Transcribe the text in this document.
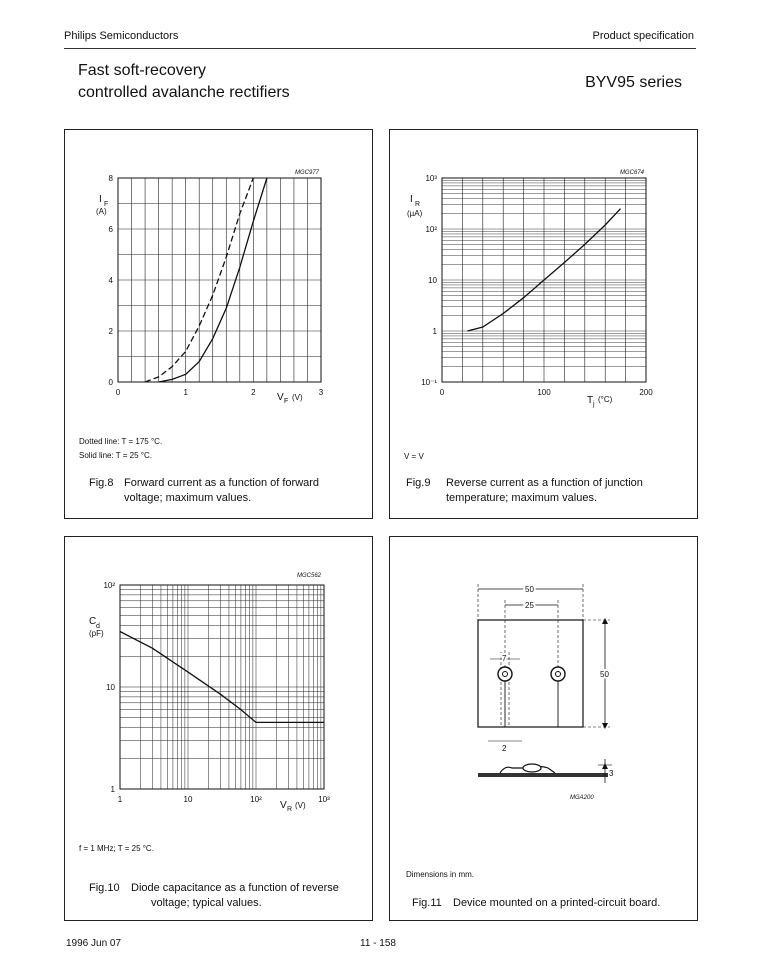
Philips Semiconductors	Product specification
Fast soft-recovery
controlled avalanche rectifiers
BYV95 series
0	1	2	3
0
2
4
6
8
MGC977
I F
(A)
V F (V)
Dotted line: T = 175 °C.
Solid line: T = 25 °C.
Fig.8 Forward current as a function of forward
voltage; maximum values.
0	100	200
10⁻¹
1
10
10²
10³
MGC674
I R
(µA)
T j
(°C)
V = V
Fig.9 Reverse current as a function of junction
temperature; maximum values.
1	10	10²	10³
1
10
10²
MGC562
C d
(pF)
V R (V)
f = 1 MHz; T = 25 °C.
Fig.10 Diode capacitance as a function of reverse
voltage; typical values.
50
25
7
50
2
3
MGA200
Dimensions in mm.
Fig.11 Device mounted on a printed-circuit board.
1996 Jun 07	11 - 158
